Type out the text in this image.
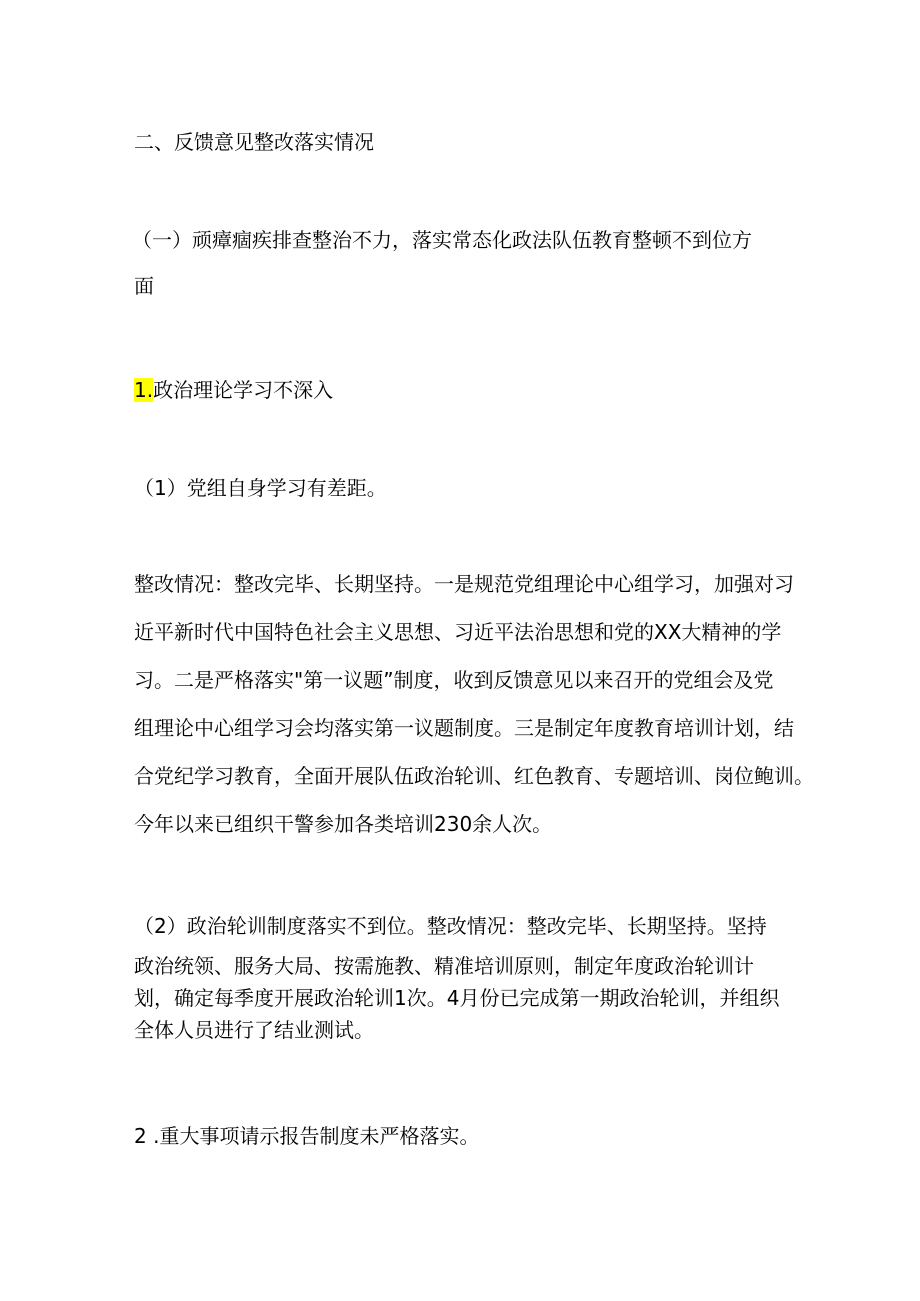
二、反馈意见整改落实情况
（一）顽瘴痼疾排查整治不力，落实常态化政法队伍教育整顿不到位方
面
1.政治理论学习不深入
（1）党组自身学习有差距。
整改情况：整改完毕、长期坚持。一是规范党组理论中心组学习，加强对习
近平新时代中国特色社会主义思想、习近平法治思想和党的XX大精神的学
习。二是严格落实"第一议题”制度，收到反馈意见以来召开的党组会及党
组理论中心组学习会均落实第一议题制度。三是制定年度教育培训计划，结
合党纪学习教育，全面开展队伍政治轮训、红色教育、专题培训、岗位鲍训。
今年以来已组织干警参加各类培训230余人次。
（2）政治轮训制度落实不到位。整改情况：整改完毕、长期坚持。坚持
政治统领、服务大局、按需施教、精准培训原则，制定年度政治轮训计
划，确定每季度开展政治轮训1次。4月份已完成第一期政治轮训，并组织
全体人员进行了结业测试。
2 .重大事项请示报告制度未严格落实。
